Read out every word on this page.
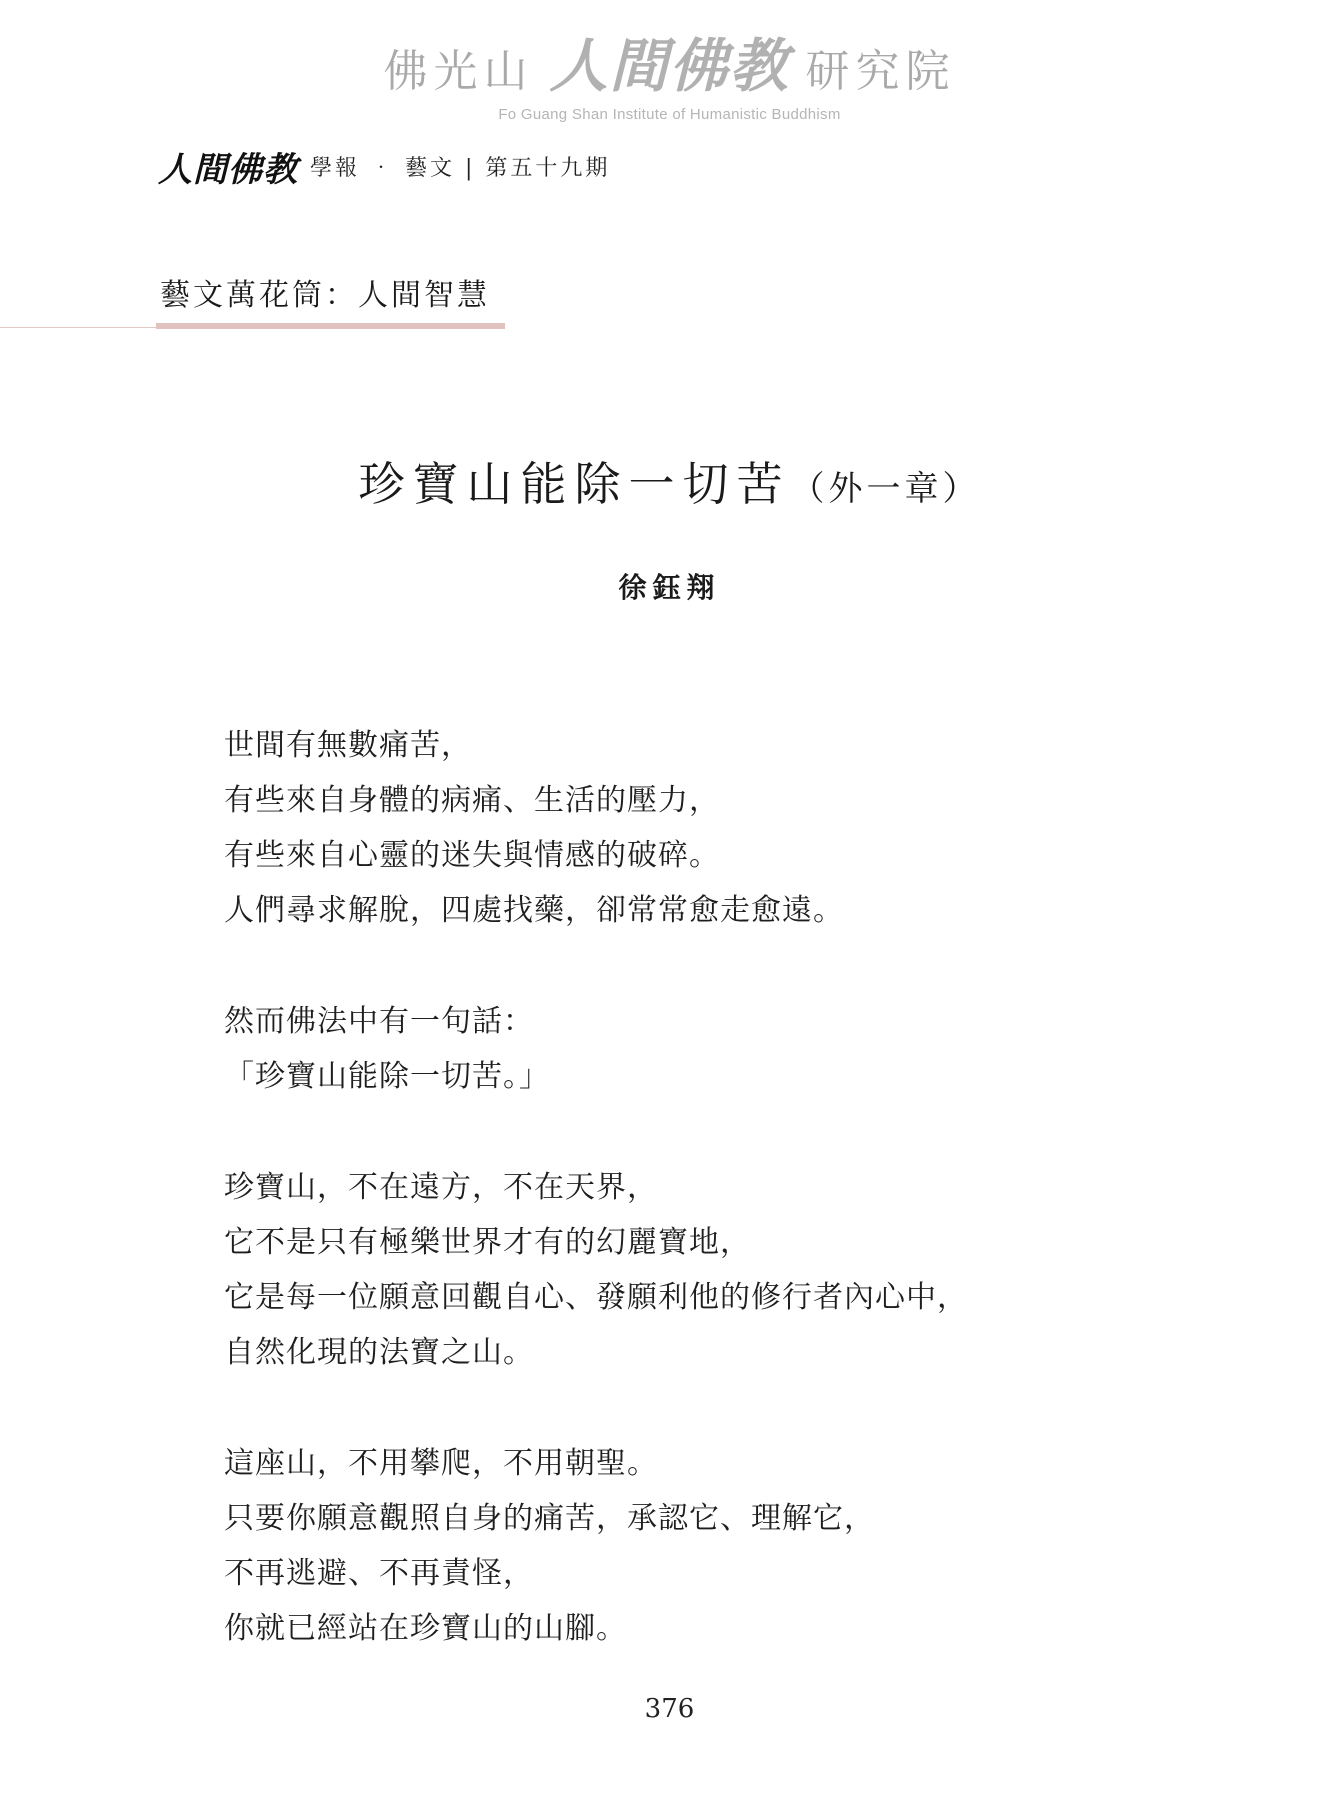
佛光山 人間佛教 研究院
Fo Guang Shan Institute of Humanistic Buddhism
人間佛教 學報 ‧ 藝文 | 第五十九期
藝文萬花筒：人間智慧
珍寶山能除一切苦（外一章）
徐鈺翔
世間有無數痛苦，
有些來自身體的病痛、生活的壓力，
有些來自心靈的迷失與情感的破碎。
人們尋求解脫，四處找藥，卻常常愈走愈遠。
然而佛法中有一句話：
「珍寶山能除一切苦。」
珍寶山，不在遠方，不在天界，
它不是只有極樂世界才有的幻麗寶地，
它是每一位願意回觀自心、發願利他的修行者內心中，
自然化現的法寶之山。
這座山，不用攀爬，不用朝聖。
只要你願意觀照自身的痛苦，承認它、理解它，
不再逃避、不再責怪，
你就已經站在珍寶山的山腳。
376
